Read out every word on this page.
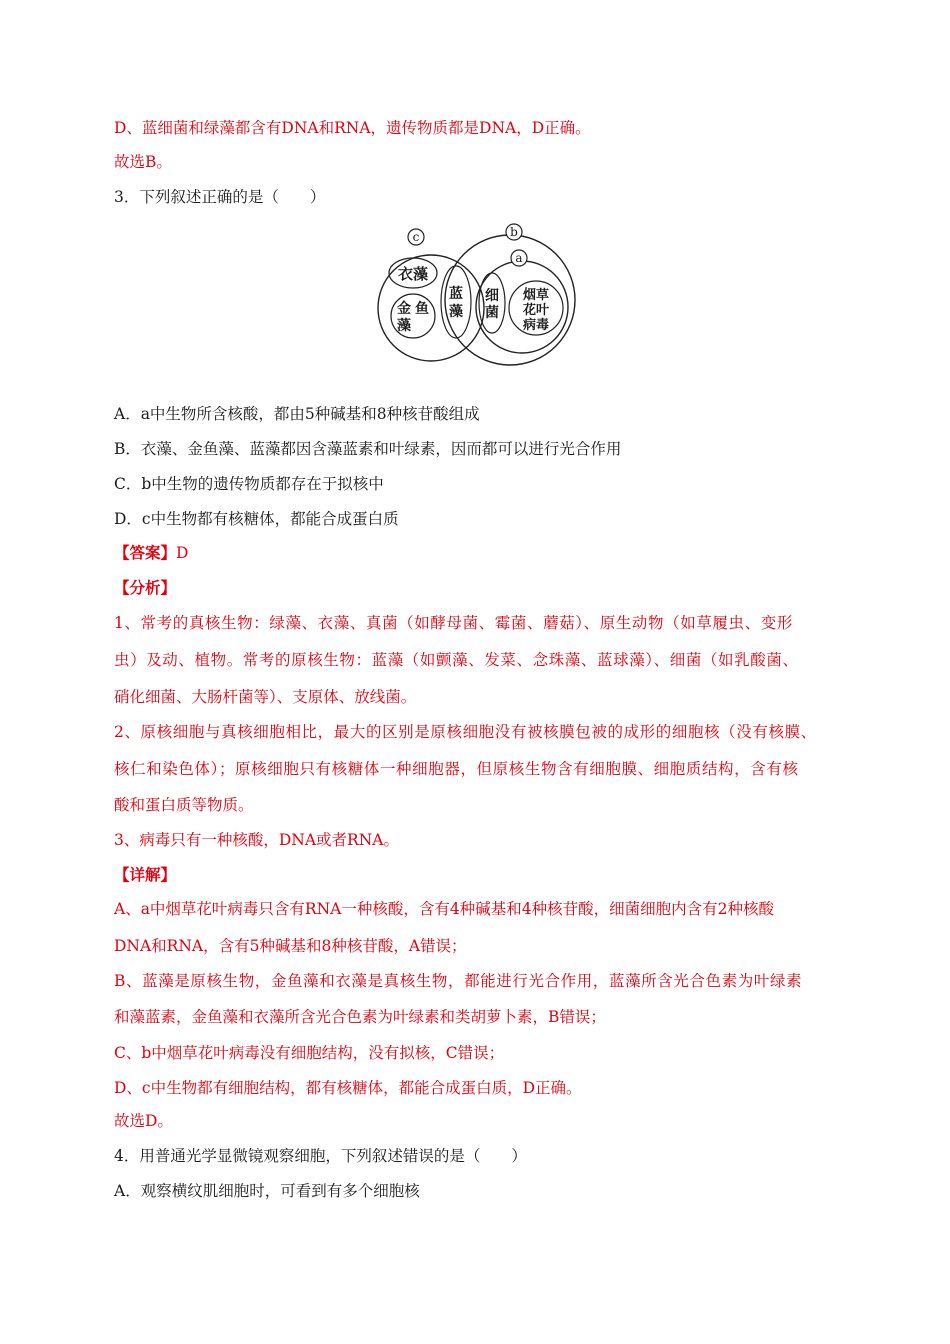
D、蓝细菌和绿藻都含有DNA和RNA，遗传物质都是DNA，D正确。
故选B。
3．下列叙述正确的是（　　）
c	b
a
衣藻
金 鱼
藻
蓝
藻
细
菌
烟草
花叶
病毒
A．a中生物所含核酸，都由5种碱基和8种核苷酸组成
B．衣藻、金鱼藻、蓝藻都因含藻蓝素和叶绿素，因而都可以进行光合作用
C．b中生物的遗传物质都存在于拟核中
D．c中生物都有核糖体，都能合成蛋白质
【答案】D
【分析】
1、常考的真核生物：绿藻、衣藻、真菌（如酵母菌、霉菌、蘑菇）、原生动物（如草履虫、变形
虫）及动、植物。常考的原核生物：蓝藻（如颤藻、发菜、念珠藻、蓝球藻）、细菌（如乳酸菌、
硝化细菌、大肠杆菌等）、支原体、放线菌。
2、原核细胞与真核细胞相比，最大的区别是原核细胞没有被核膜包被的成形的细胞核（没有核膜、
核仁和染色体）；原核细胞只有核糖体一种细胞器，但原核生物含有细胞膜、细胞质结构，含有核
酸和蛋白质等物质。
3、病毒只有一种核酸，DNA或者RNA。
【详解】
A、a中烟草花叶病毒只含有RNA一种核酸，含有4种碱基和4种核苷酸，细菌细胞内含有2种核酸
DNA和RNA，含有5种碱基和8种核苷酸，A错误；
B、蓝藻是原核生物，金鱼藻和衣藻是真核生物，都能进行光合作用，蓝藻所含光合色素为叶绿素
和藻蓝素，金鱼藻和衣藻所含光合色素为叶绿素和类胡萝卜素，B错误；
C、b中烟草花叶病毒没有细胞结构，没有拟核，C错误；
D、c中生物都有细胞结构，都有核糖体，都能合成蛋白质，D正确。
故选D。
4．用普通光学显微镜观察细胞，下列叙述错误的是（　　）
A．观察横纹肌细胞时，可看到有多个细胞核
